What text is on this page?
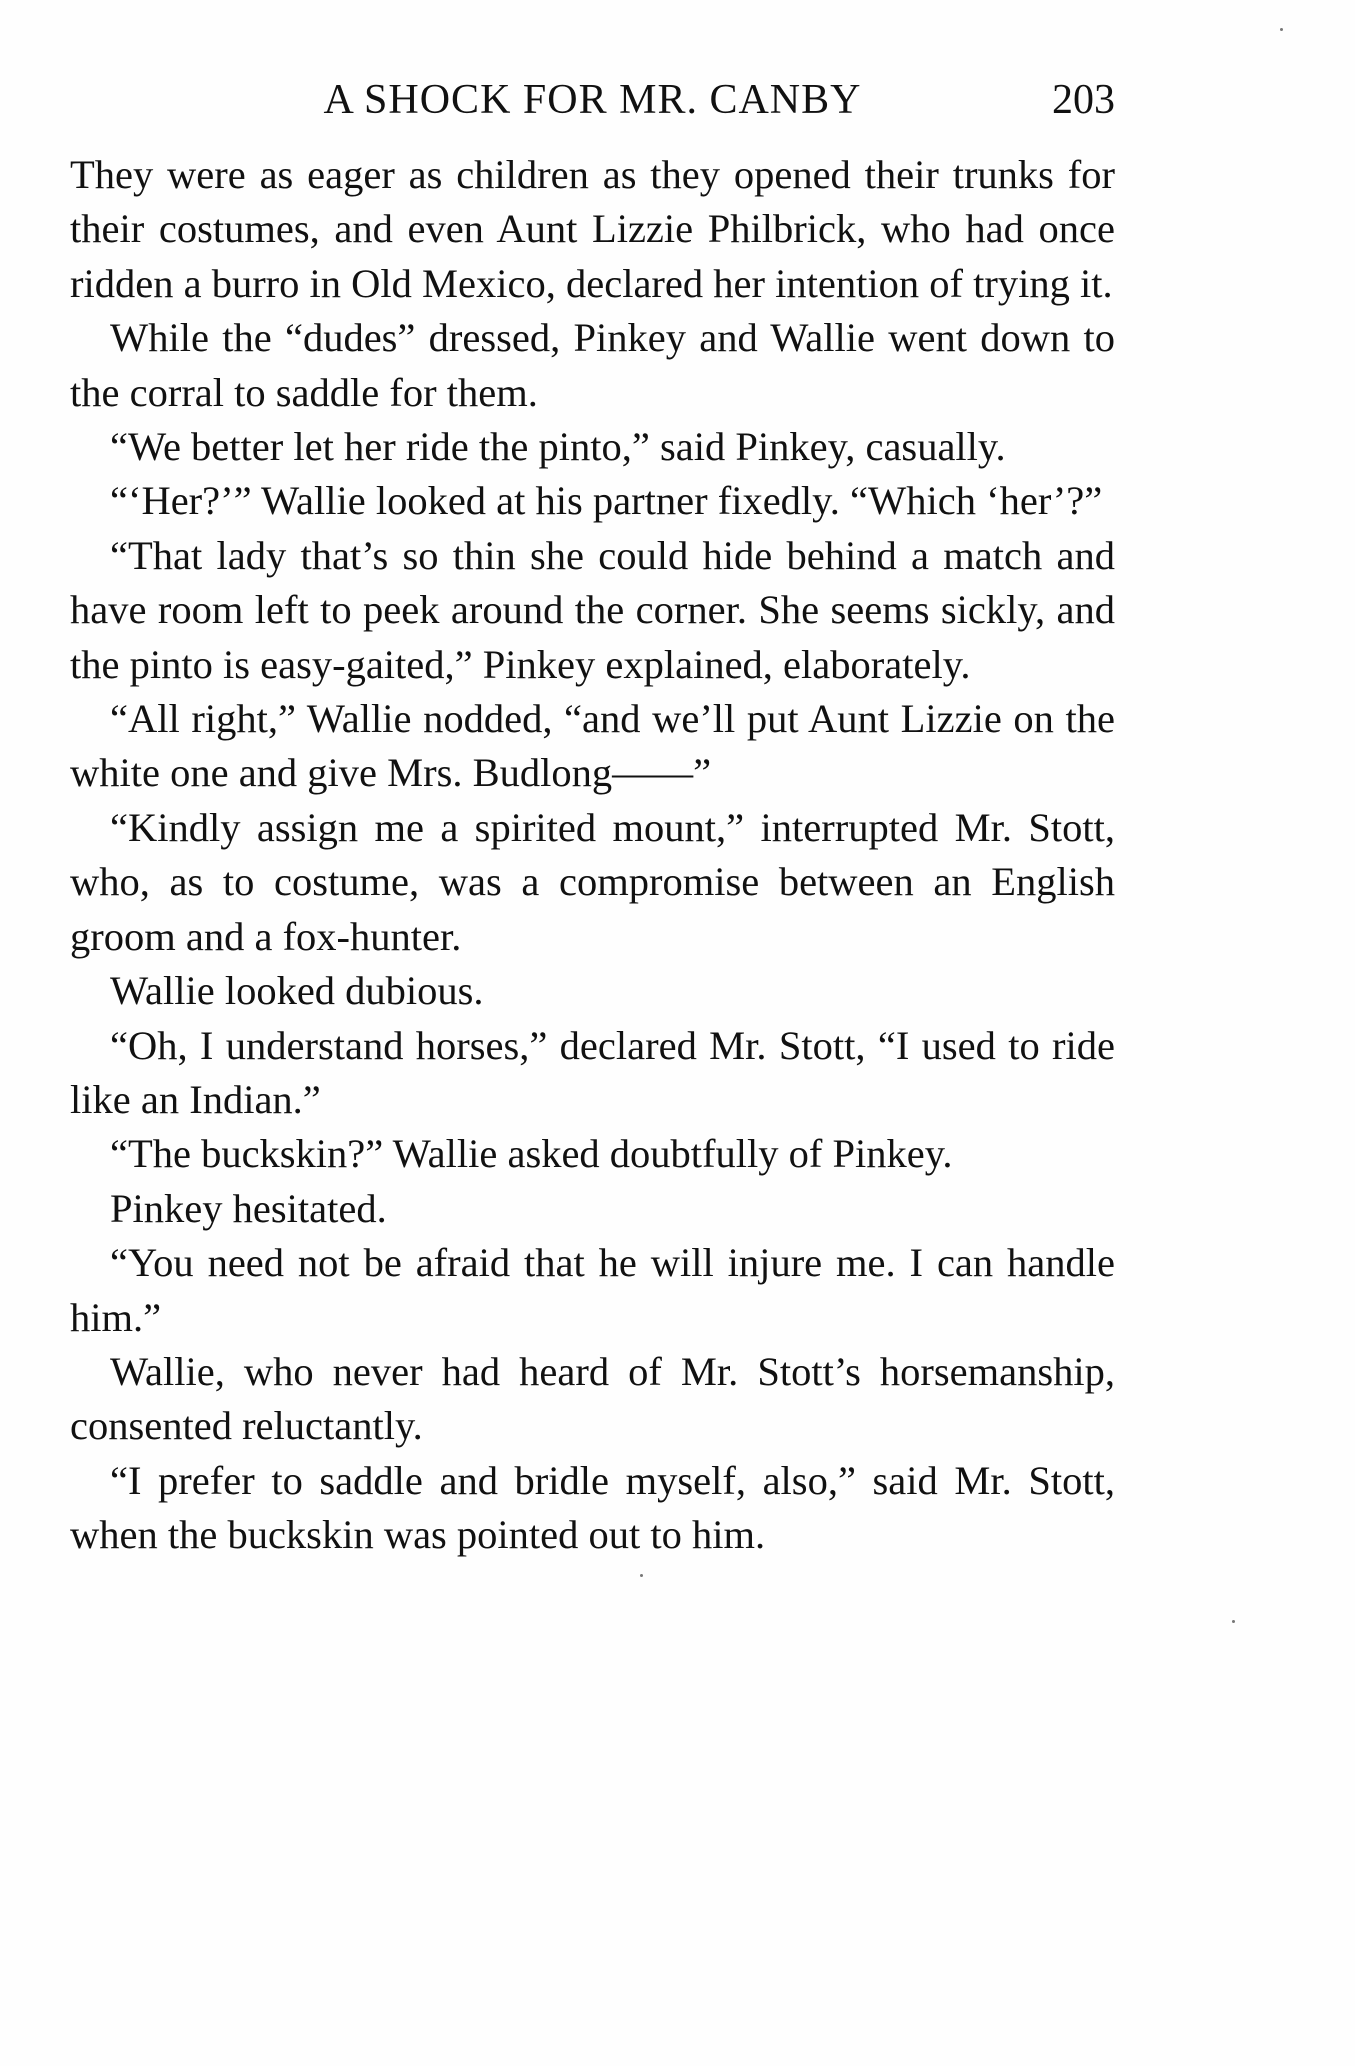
A SHOCK FOR MR. CANBY	203

They were as eager as children as they opened their trunks for their costumes, and even Aunt Lizzie Philbrick, who had once ridden a burro in Old Mexico, declared her intention of trying it.

While the “dudes” dressed, Pinkey and Wallie went down to the corral to saddle for them.

“We better let her ride the pinto,” said Pinkey, casually.

“‘Her?’” Wallie looked at his partner fixedly. “Which ‘her’?”

“That lady that’s so thin she could hide behind a match and have room left to peek around the corner. She seems sickly, and the pinto is easy-gaited,” Pinkey explained, elaborately.

“All right,” Wallie nodded, “and we’ll put Aunt Lizzie on the white one and give Mrs. Budlong——”

“Kindly assign me a spirited mount,” interrupted Mr. Stott, who, as to costume, was a compromise between an English groom and a fox-hunter.

Wallie looked dubious.

“Oh, I understand horses,” declared Mr. Stott, “I used to ride like an Indian.”

“The buckskin?” Wallie asked doubtfully of Pinkey.

Pinkey hesitated.

“You need not be afraid that he will injure me. I can handle him.”

Wallie, who never had heard of Mr. Stott’s horsemanship, consented reluctantly.

“I prefer to saddle and bridle myself, also,” said Mr. Stott, when the buckskin was pointed out to him.
